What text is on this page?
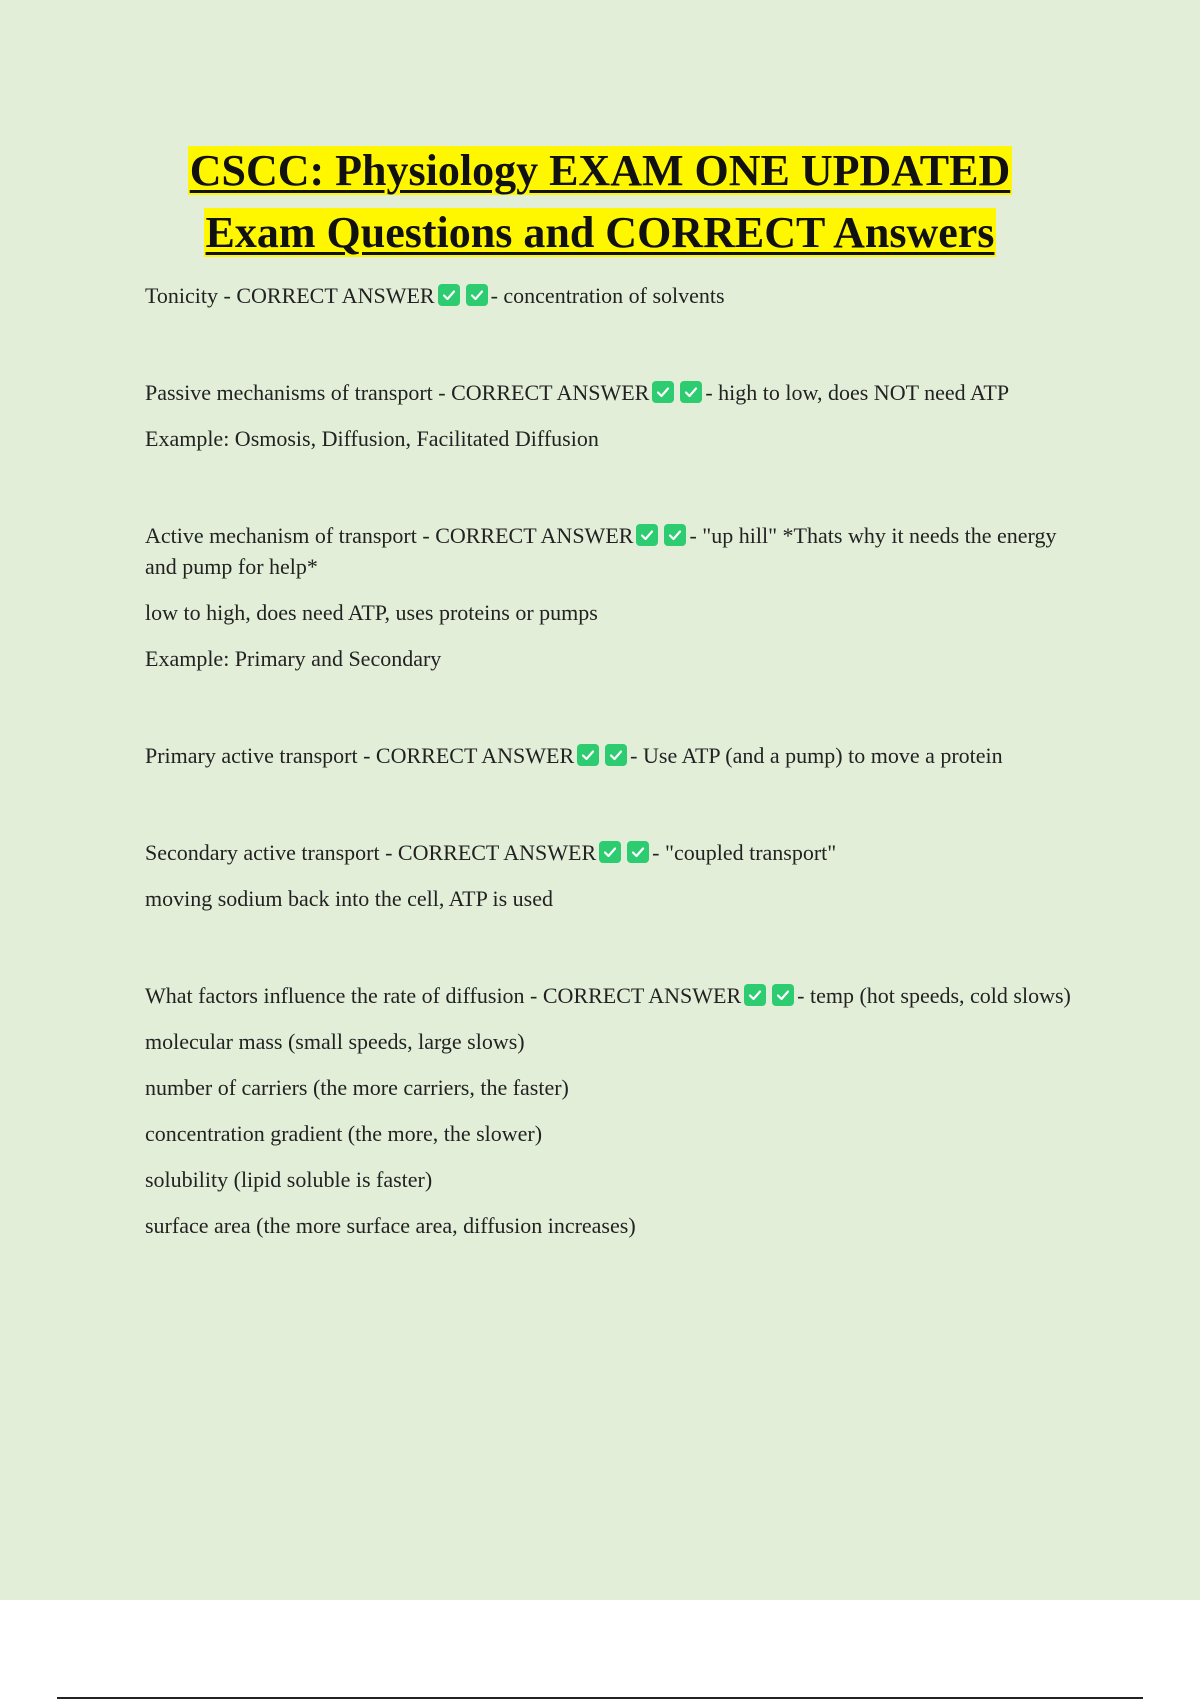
CSCC: Physiology EXAM ONE UPDATED
Exam Questions and CORRECT Answers

Tonicity - CORRECT ANSWER	- concentration of solvents

Passive mechanisms of transport - CORRECT ANSWER	- high to low, does NOT need ATP

Example: Osmosis, Diffusion, Facilitated Diffusion

Active mechanism of transport - CORRECT ANSWER	- "up hill" *Thats why it needs the energy and pump for help*

low to high, does need ATP, uses proteins or pumps

Example: Primary and Secondary

Primary active transport - CORRECT ANSWER	- Use ATP (and a pump) to move a protein

Secondary active transport - CORRECT ANSWER	- "coupled transport"

moving sodium back into the cell, ATP is used

What factors influence the rate of diffusion - CORRECT ANSWER	- temp (hot speeds, cold slows)

molecular mass (small speeds, large slows)

number of carriers (the more carriers, the faster)

concentration gradient (the more, the slower)

solubility (lipid soluble is faster)

surface area (the more surface area, diffusion increases)
